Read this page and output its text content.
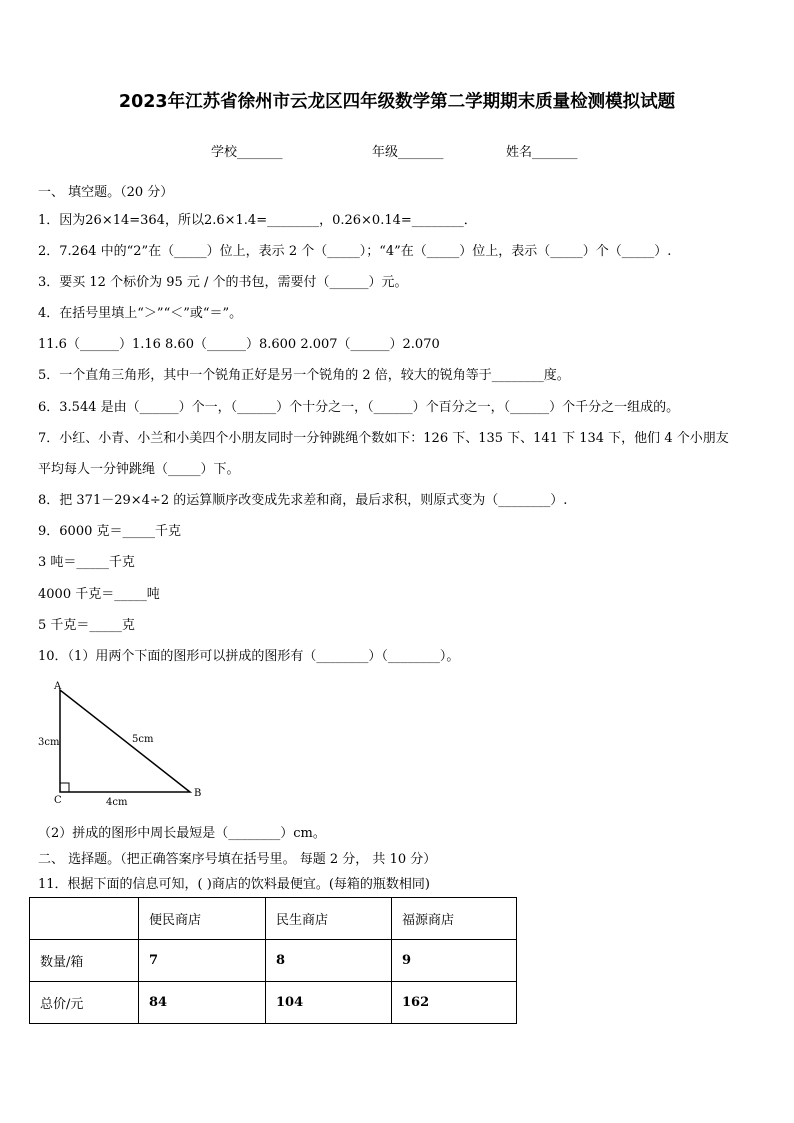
2023年江苏省徐州市云龙区四年级数学第二学期期末质量检测模拟试题
学校_______	年级_______	姓名_______
一、 填空题。（20 分）
1．因为26×14=364，所以2.6×1.4=________，0.26×0.14=________．
2．7.264 中的“2”在（_____）位上，表示 2 个（_____）；“4”在（_____）位上，表示（_____）个（_____）.
3．要买 12 个标价为 95 元 / 个的书包，需要付（______）元。
4．在括号里填上“＞”“＜”或“＝”。
11.6（______）1.16 8.60（______）8.600 2.007（______）2.070
5．一个直角三角形，其中一个锐角正好是另一个锐角的 2 倍，较大的锐角等于________度。
6．3.544 是由（______）个一，（______）个十分之一，（______）个百分之一，（______）个千分之一组成的。
7．小红、小青、小兰和小美四个小朋友同时一分钟跳绳个数如下：126 下、135 下、141 下 134 下，他们 4 个小朋友
平均每人一分钟跳绳（_____）下。
8．把 371－29×4÷2 的运算顺序改变成先求差和商，最后求积，则原式变为（________）.
9．6000 克＝_____千克
3 吨＝_____千克
4000 千克＝_____吨
5 千克＝_____克
10．（1）用两个下面的图形可以拼成的图形有（________）（________）。
A
B
C
3cm
4cm
5cm
（2）拼成的图形中周长最短是（________）cm。
二、 选择题。（把正确答案序号填在括号里。 每题 2 分， 共 10 分）
11．根据下面的信息可知，( )商店的饮料最便宜。(每箱的瓶数相同)
	便民商店	民生商店	福源商店
数量/箱	7	8	9
总价/元	84	104	162
